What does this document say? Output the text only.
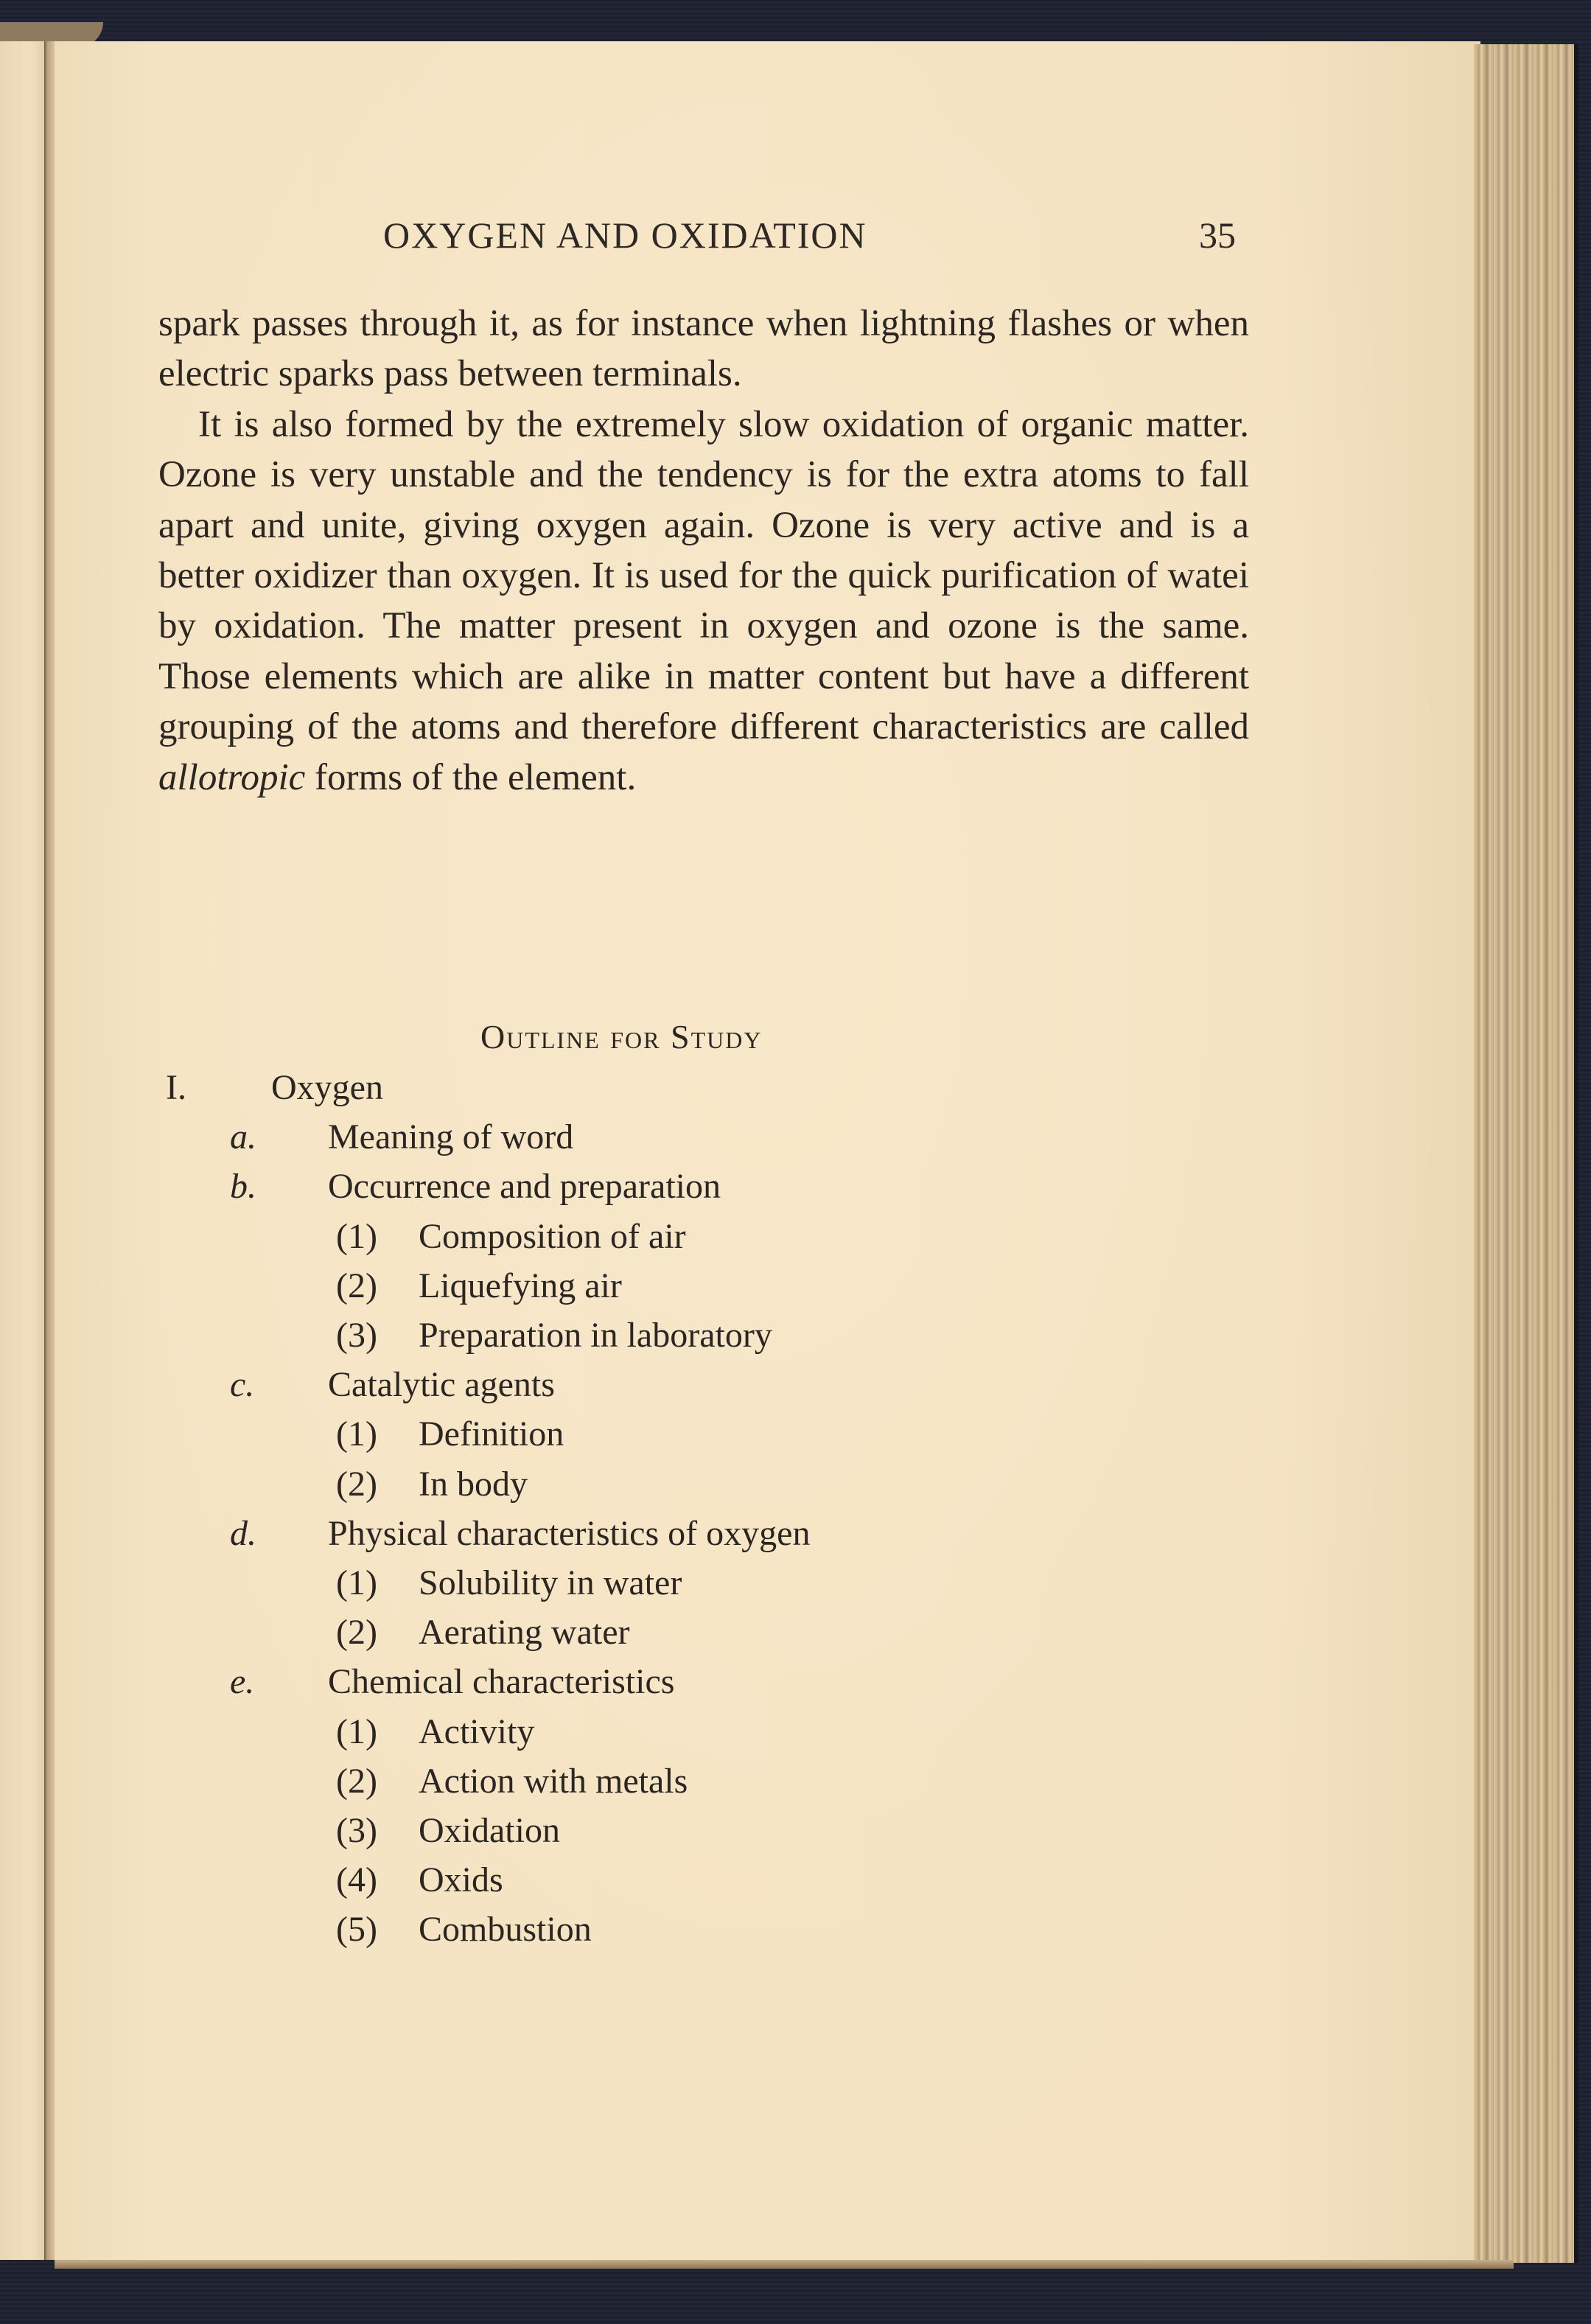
OXYGEN AND OXIDATION	35

spark passes through it, as for instance when lightning flashes or when electric sparks pass between terminals.

It is also formed by the extremely slow oxidation of organic matter. Ozone is very unstable and the tendency is for the extra atoms to fall apart and unite, giving oxygen again. Ozone is very active and is a better oxidizer than oxygen. It is used for the quick purification of watei by oxidation. The matter present in oxygen and ozone is the same. Those elements which are alike in matter content but have a different grouping of the atoms and therefore different characteristics are called allotropic forms of the element.

Outline for Study
I. Oxygen
a. Meaning of word
b. Occurrence and preparation
(1) Composition of air
(2) Liquefying air
(3) Preparation in laboratory
c. Catalytic agents
(1) Definition
(2) In body
d. Physical characteristics of oxygen
(1) Solubility in water
(2) Aerating water
e. Chemical characteristics
(1) Activity
(2) Action with metals
(3) Oxidation
(4) Oxids
(5) Combustion
